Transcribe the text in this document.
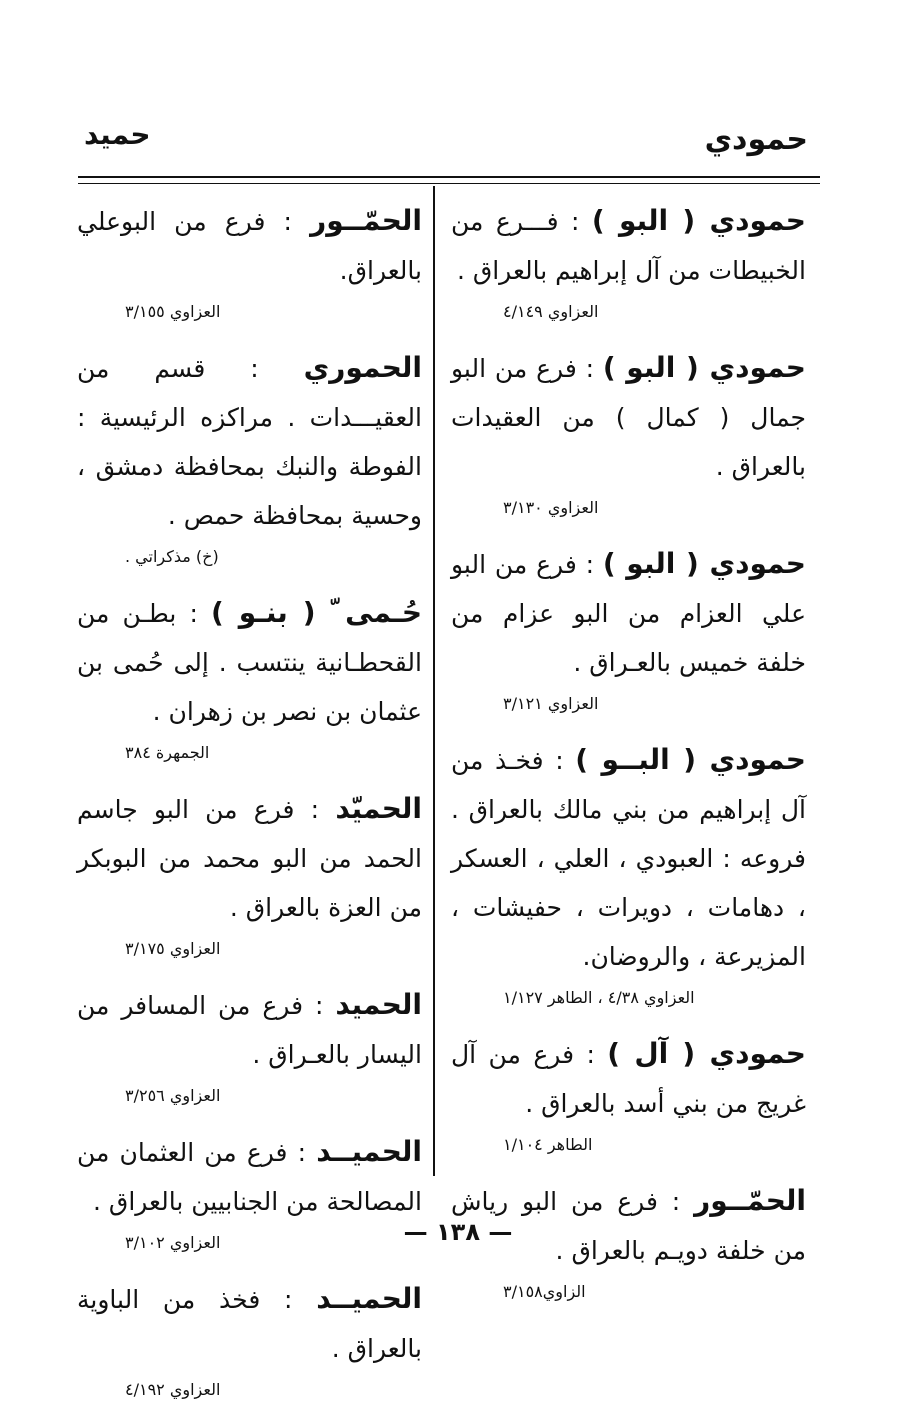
حمودي
حميد

حمودي ( البو ) : فـــرع من الخبيطات من آل إبراهيم بالعراق .

العزاوي ٤/١٤٩

حمودي ( البو ) : فرع من البو جمال ( كمال ) من العقيدات بالعراق .

العزاوي ٣/١٣٠

حمودي ( البو ) : فرع من البو علي العزام من البو عزام من خلفة خميس بالعـراق .

العزاوي ٣/١٢١

حمودي ( البــو ) : فخـذ من آل إبراهيم من بني مالك بالعراق . فروعه : العبودي ، العلي ، العسكر ، دهامات ، دويرات ، حفيشات ، المزيرعة ، والروضان.

العزاوي ٤/٣٨ ، الطاهر ١/١٢٧

حمودي ( آل ) : فرع من آل غريج من بني أسد بالعراق .

الطاهر ١/١٠٤

الحمّــور : فرع من البو رياش من خلفة دويـم بالعراق .

الزاوي٣/١٥٨

الحمّــور : فرع من البوعلي بالعراق.

العزاوي ٣/١٥٥

الحموري : قسم من العقيـــدات . مراكزه الرئيسية : الفوطة والنبك بمحافظة دمشق ، وحسية بمحافظة حمص .

(خ) مذكراتي .

حُـمى ّ ( بنـو ) : بطـن من القحطـانية ينتسب . إلى حُمى بن عثمان بن نصر بن زهران .

الجمهرة ٣٨٤

الحميّد : فرع من البو جاسم الحمد من البو محمد من البوبكر من العزة بالعراق .

العزاوي ٣/١٧٥

الحميد : فرع من المسافر من اليسار بالعـراق .

العزاوي ٣/٢٥٦

الحميــد : فرع من العثمان من المصالحة من الجنابيين بالعراق .

العزاوي ٣/١٠٢

الحميــد : فخذ من الباوية بالعراق .

العزاوي ٤/١٩٢
— ١٣٨ —
